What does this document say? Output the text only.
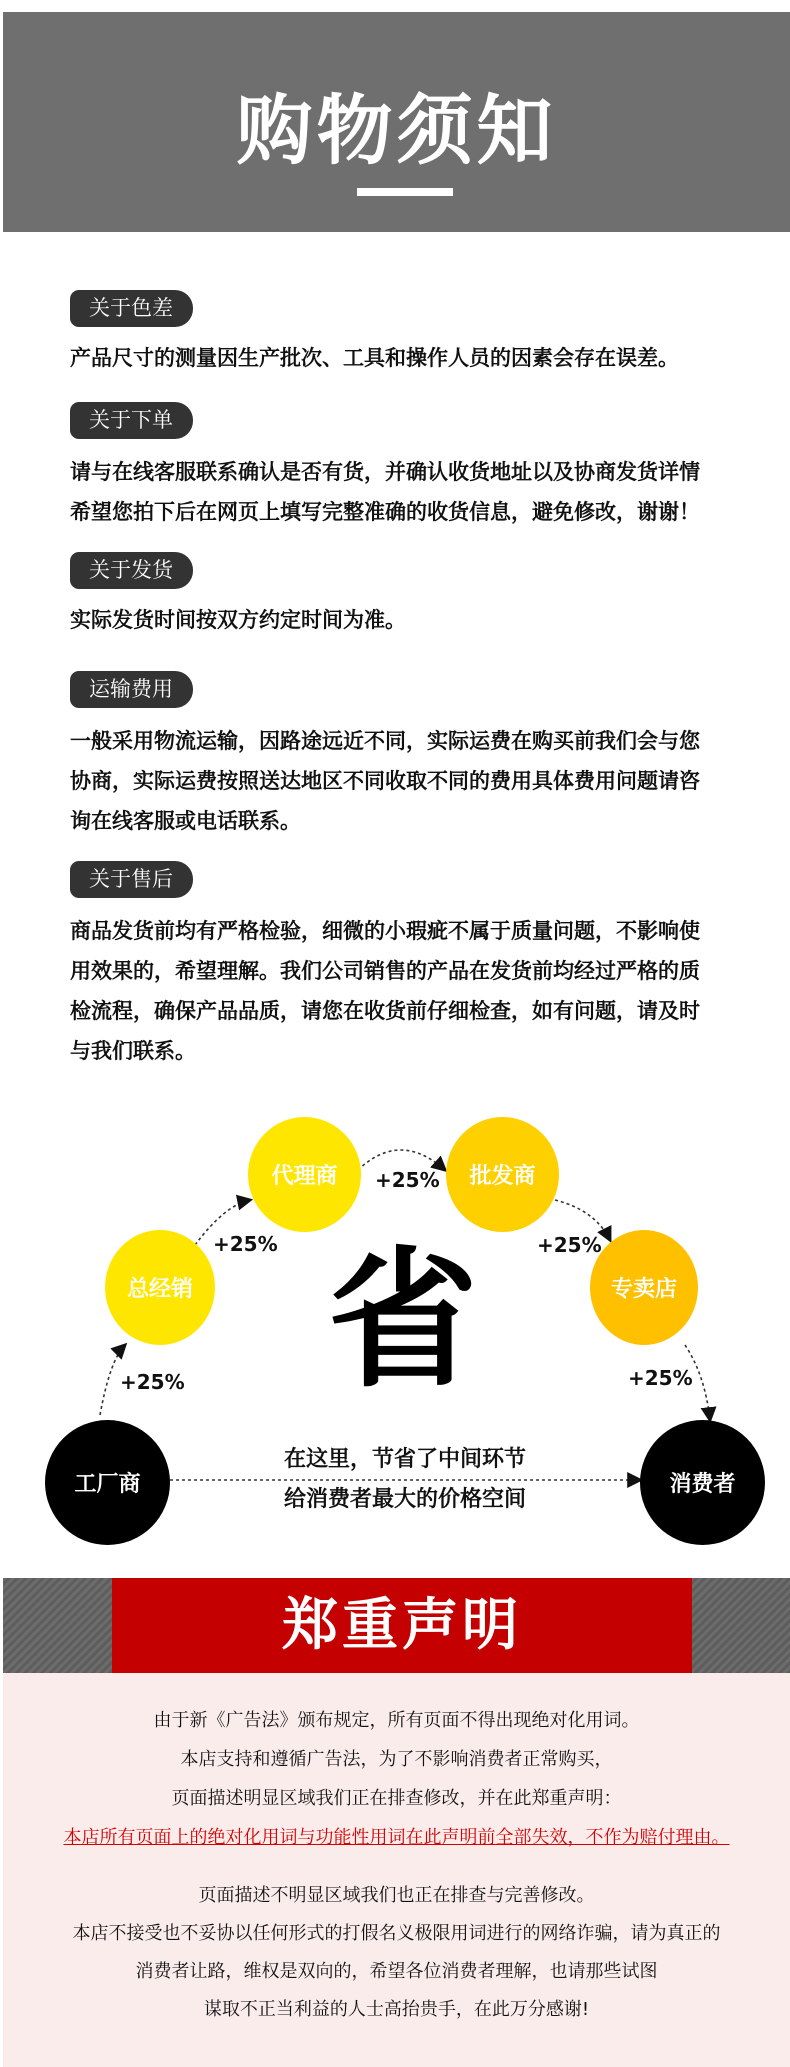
购物须知
关于色差
产品尺寸的测量因生产批次、工具和操作人员的因素会存在误差。
关于下单
请与在线客服联系确认是否有货，并确认收货地址以及协商发货详情
希望您拍下后在网页上填写完整准确的收货信息，避免修改，谢谢！
关于发货
实际发货时间按双方约定时间为准。
运输费用
一般采用物流运输，因路途远近不同，实际运费在购买前我们会与您
协商，实际运费按照送达地区不同收取不同的费用具体费用问题请咨
询在线客服或电话联系。
关于售后
商品发货前均有严格检验，细微的小瑕疵不属于质量问题，不影响使
用效果的，希望理解。我们公司销售的产品在发货前均经过严格的质
检流程，确保产品品质，请您在收货前仔细检查，如有问题，请及时
与我们联系。
工厂商
总经销
代理商	批发商
专卖店
消费者
+25%
+25%
+25%
+25%
+25%
省
在这里，节省了中间环节
给消费者最大的价格空间
郑重声明
由于新《广告法》颁布规定，所有页面不得出现绝对化用词。
本店支持和遵循广告法，为了不影响消费者正常购买，
页面描述明显区域我们正在排查修改，并在此郑重声明：
本店所有页面上的绝对化用词与功能性用词在此声明前全部失效，不作为赔付理由。
页面描述不明显区域我们也正在排查与完善修改。
本店不接受也不妥协以任何形式的打假名义极限用词进行的网络诈骗，请为真正的
消费者让路，维权是双向的，希望各位消费者理解，也请那些试图
谋取不正当利益的人士高抬贵手，在此万分感谢!
